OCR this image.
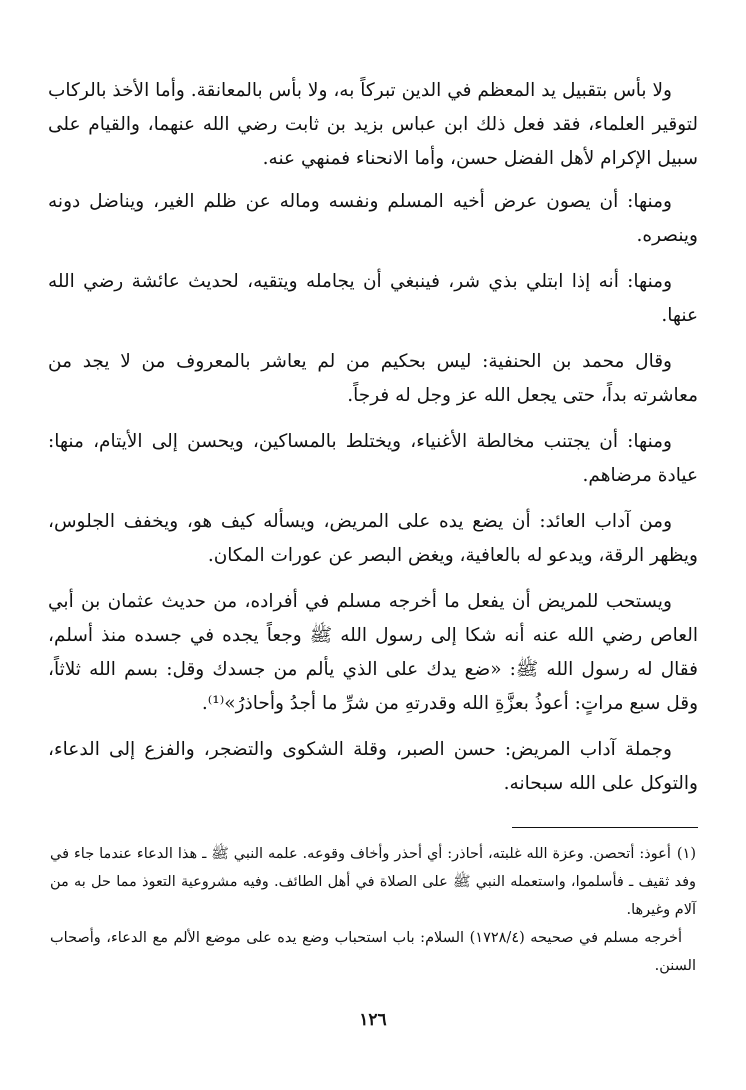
ولا بأس بتقبيل يد المعظم في الدين تبركاً به، ولا بأس بالمعانقة. وأما الأخذ بالركاب لتوقير العلماء، فقد فعل ذلك ابن عباس بزيد بن ثابت رضي الله عنهما، والقيام على سبيل الإكرام لأهل الفضل حسن، وأما الانحناء فمنهي عنه.

ومنها: أن يصون عرض أخيه المسلم ونفسه وماله عن ظلم الغير، ويناضل دونه وينصره.

ومنها: أنه إذا ابتلي بذي شر، فينبغي أن يجامله ويتقيه، لحديث عائشة رضي الله عنها.

وقال محمد بن الحنفية: ليس بحكيم من لم يعاشر بالمعروف من لا يجد من معاشرته بداً، حتى يجعل الله عز وجل له فرجاً.

ومنها: أن يجتنب مخالطة الأغنياء، ويختلط بالمساكين، ويحسن إلى الأيتام، منها: عيادة مرضاهم.

ومن آداب العائد: أن يضع يده على المريض، ويسأله كيف هو، ويخفف الجلوس، ويظهر الرقة، ويدعو له بالعافية، ويغض البصر عن عورات المكان.

ويستحب للمريض أن يفعل ما أخرجه مسلم في أفراده، من حديث عثمان بن أبي العاص رضي الله عنه أنه شكا إلى رسول الله ﷺ وجعاً يجده في جسده منذ أسلم، فقال له رسول الله ﷺ: «ضع يدك على الذي يألم من جسدك وقل: بسم الله ثلاثاً، وقل سبع مراتٍ: أعوذُ بعزَّةِ الله وقدرتهِ من شرِّ ما أجدُ وأحاذرُ»⁽¹⁾.

وجملة آداب المريض: حسن الصبر، وقلة الشكوى والتضجر، والفزع إلى الدعاء، والتوكل على الله سبحانه.

(١)أعوذ: أتحصن. وعزة الله غلبته، أحاذر: أي أحذر وأخاف وقوعه. علمه النبي ﷺ ـ هذا الدعاء عندما جاء في وفد ثقيف ـ فأسلموا، واستعمله النبي ﷺ على الصلاة في أهل الطائف. وفيه مشروعية التعوذ مما حل به من آلام وغيرها.

أخرجه مسلم في صحيحه (١٧٢٨/٤) السلام: باب استحباب وضع يده على موضع الألم مع الدعاء، وأصحاب السنن.

١٢٦
